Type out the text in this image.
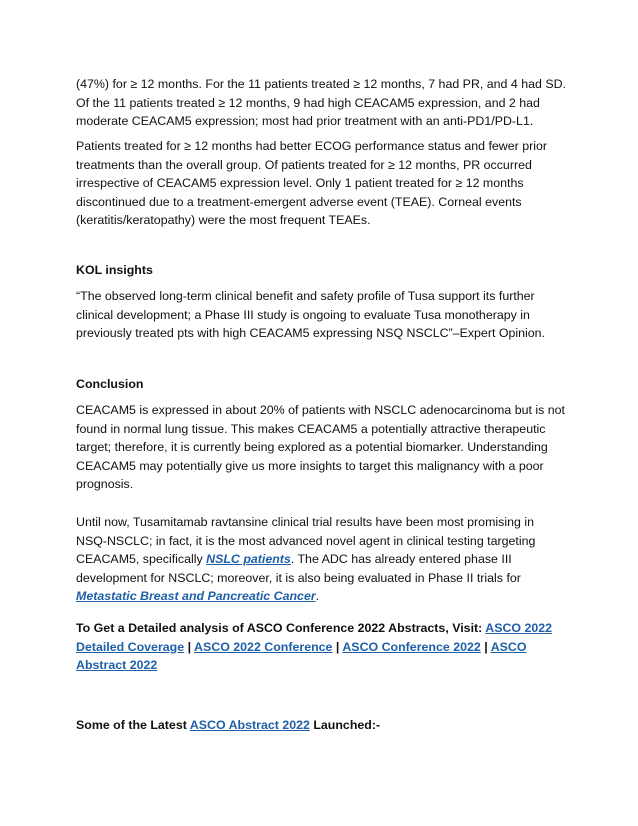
(47%) for ≥ 12 months. For the 11 patients treated ≥ 12 months, 7 had PR, and 4 had SD. Of the 11 patients treated ≥ 12 months, 9 had high CEACAM5 expression, and 2 had moderate CEACAM5 expression; most had prior treatment with an anti-PD1/PD-L1.

Patients treated for ≥ 12 months had better ECOG performance status and fewer prior treatments than the overall group. Of patients treated for ≥ 12 months, PR occurred irrespective of CEACAM5 expression level. Only 1 patient treated for ≥ 12 months discontinued due to a treatment-emergent adverse event (TEAE). Corneal events (keratitis/keratopathy) were the most frequent TEAEs.

KOL insights

“The observed long-term clinical benefit and safety profile of Tusa support its further clinical development; a Phase III study is ongoing to evaluate Tusa monotherapy in previously treated pts with high CEACAM5 expressing NSQ NSCLC”–Expert Opinion.

Conclusion

CEACAM5 is expressed in about 20% of patients with NSCLC adenocarcinoma but is not found in normal lung tissue. This makes CEACAM5 a potentially attractive therapeutic target; therefore, it is currently being explored as a potential biomarker. Understanding CEACAM5 may potentially give us more insights to target this malignancy with a poor prognosis.

Until now, Tusamitamab ravtansine clinical trial results have been most promising in NSQ-NSCLC; in fact, it is the most advanced novel agent in clinical testing targeting CEACAM5, specifically NSLC patients. The ADC has already entered phase III development for NSCLC; moreover, it is also being evaluated in Phase II trials for Metastatic Breast and Pancreatic Cancer.

To Get a Detailed analysis of ASCO Conference 2022 Abstracts, Visit: ASCO 2022 Detailed Coverage | ASCO 2022 Conference | ASCO Conference 2022 | ASCO Abstract 2022

Some of the Latest ASCO Abstract 2022 Launched:-
